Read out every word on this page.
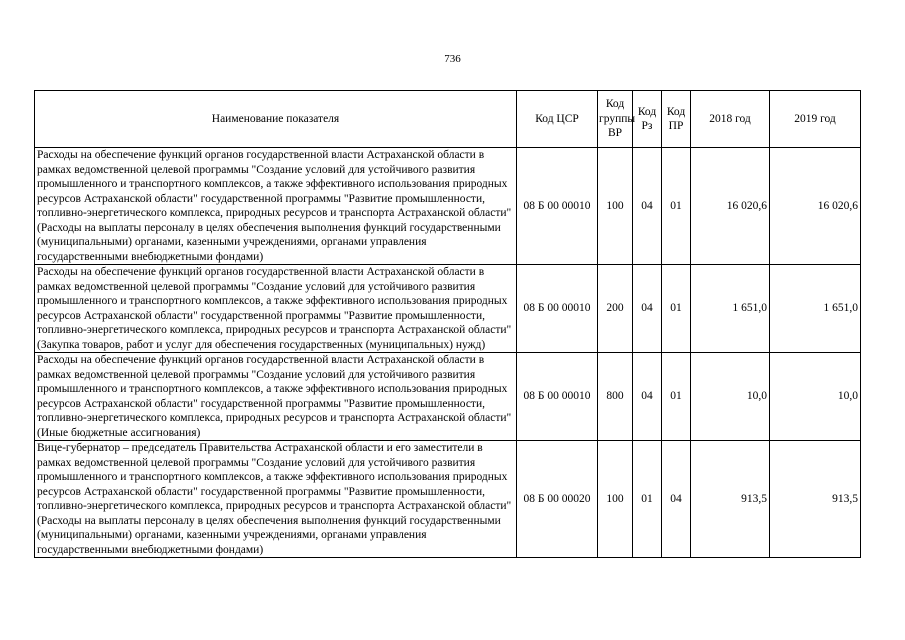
736
Наименование показателя	Код ЦСР	Код группы ВР	Код Рз	Код ПР	2018 год	2019 год
Расходы на обеспечение функций органов государственной власти Астраханской области в рамках ведомственной целевой программы "Создание условий для устойчивого развития промышленного и транспортного комплексов, а также эффективного использования природных ресурсов Астраханской области" государственной программы "Развитие промышленности, топливно-энергетического комплекса, природных ресурсов и транспорта Астраханской области" (Расходы на выплаты персоналу в целях обеспечения выполнения функций государственными (муниципальными) органами, казенными учреждениями, органами управления государственными внебюджетными фондами)	08 Б 00 00010	100	04	01	16 020,6	16 020,6
Расходы на обеспечение функций органов государственной власти Астраханской области в рамках ведомственной целевой программы "Создание условий для устойчивого развития промышленного и транспортного комплексов, а также эффективного использования природных ресурсов Астраханской области" государственной программы "Развитие промышленности, топливно-энергетического комплекса, природных ресурсов и транспорта Астраханской области" (Закупка товаров, работ и услуг для обеспечения государственных (муниципальных) нужд)	08 Б 00 00010	200	04	01	1 651,0	1 651,0
Расходы на обеспечение функций органов государственной власти Астраханской области в рамках ведомственной целевой программы "Создание условий для устойчивого развития промышленного и транспортного комплексов, а также эффективного использования природных ресурсов Астраханской области" государственной программы "Развитие промышленности, топливно-энергетического комплекса, природных ресурсов и транспорта Астраханской области" (Иные бюджетные ассигнования)	08 Б 00 00010	800	04	01	10,0	10,0
Вице-губернатор – председатель Правительства Астраханской области и его заместители в рамках ведомственной целевой программы "Создание условий для устойчивого развития промышленного и транспортного комплексов, а также эффективного использования природных ресурсов Астраханской области" государственной программы "Развитие промышленности, топливно-энергетического комплекса, природных ресурсов и транспорта Астраханской области" (Расходы на выплаты персоналу в целях обеспечения выполнения функций государственными (муниципальными) органами, казенными учреждениями, органами управления государственными внебюджетными фондами)	08 Б 00 00020	100	01	04	913,5	913,5
